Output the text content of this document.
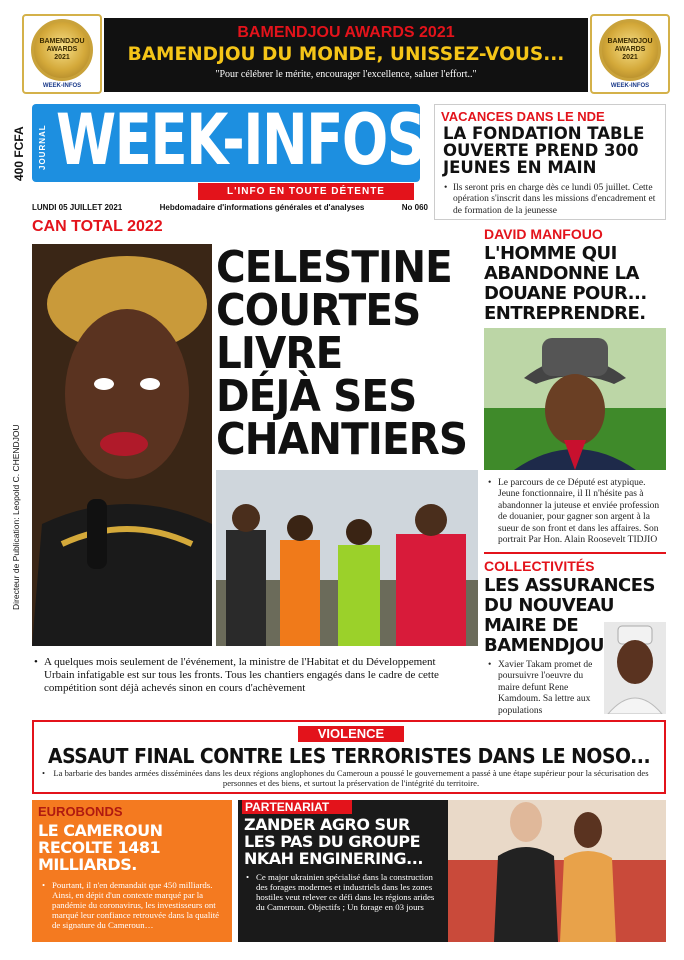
BAMENDJOU
AWARDS
2021
WEEK-INFOS
BAMENDJOU
AWARDS
2021
WEEK-INFOS
BAMENDJOU AWARDS 2021
BAMENDJOU DU MONDE, UNISSEZ-VOUS...
"Pour célébrer le mérite, encourager l'excellence, saluer l'effort.."
400 FCFA JOURNAL WEEK-INFOS
L'INFO EN TOUTE DÉTENTE
LUNDI 05 JUILLET 2021	Hebdomadaire d'informations générales et d'analyses	No 060
VACANCES DANS LE NDE
LA FONDATION TABLE OUVERTE PREND 300 JEUNES EN MAIN
• Ils seront pris en charge dès ce lundi 05 juillet. Cette opération s'inscrit dans les missions d'encadrement et de formation de la jeunesse
Directeur de Publication: Leopold C. CHENDJOU
CAN TOTAL 2022
CELESTINE
COURTES
LIVRE
DÉJÀ SES
CHANTIERS
• A quelques mois seulement de l'événement, la ministre de l'Habitat et du Développement Urbain infatigable est sur tous les fronts. Tous les chantiers engagés dans le cadre de cette compétition sont déjà achevés sinon en cours d'achèvement
DAVID MANFOUO
L'HOMME QUI ABANDONNE LA DOUANE POUR... ENTREPRENDRE.
• Le parcours de ce Député est atypique. Jeune fonctionnaire, il Il n'hésite pas à abandonner la juteuse et enviée profession de douanier, pour gagner son argent à la sueur de son front et dans les affaires. Son portrait Par Hon. Alain Roosevelt TIDJIO
COLLECTIVITÉS
LES ASSURANCES DU NOUVEAU MAIRE DE BAMENDJOU
• Xavier Takam promet de poursuivre l'oeuvre du maire defunt Rene Kamdoum. Sa lettre aux populations
VIOLENCE
ASSAUT FINAL CONTRE LES TERRORISTES DANS LE NOSO...
• La barbarie des bandes armées disséminées dans les deux régions anglophones du Cameroun a poussé le gouvernement a passé à une étape supérieur pour la sécurisation des personnes et des biens, et surtout la préservation de l'intégrité du territoire.
EUROBONDS
LE CAMEROUN RECOLTE 1481 MILLIARDS.
• Pourtant, il n'en demandait que 450 milliards. Ainsi, en dépit d'un contexte marqué par la pandémie du coronavirus, les investisseurs ont marqué leur confiance retrouvée dans la qualité de signature du Cameroun…
PARTENARIAT
ZANDER AGRO SUR LES PAS DU GROUPE NKAH ENGINERING...
• Ce major ukrainien spécialisé dans la construction des forages modernes et industriels dans les zones hostiles veut relever ce défi dans les régions arides du Cameroun. Objectifs ; Un forage en 03 jours
